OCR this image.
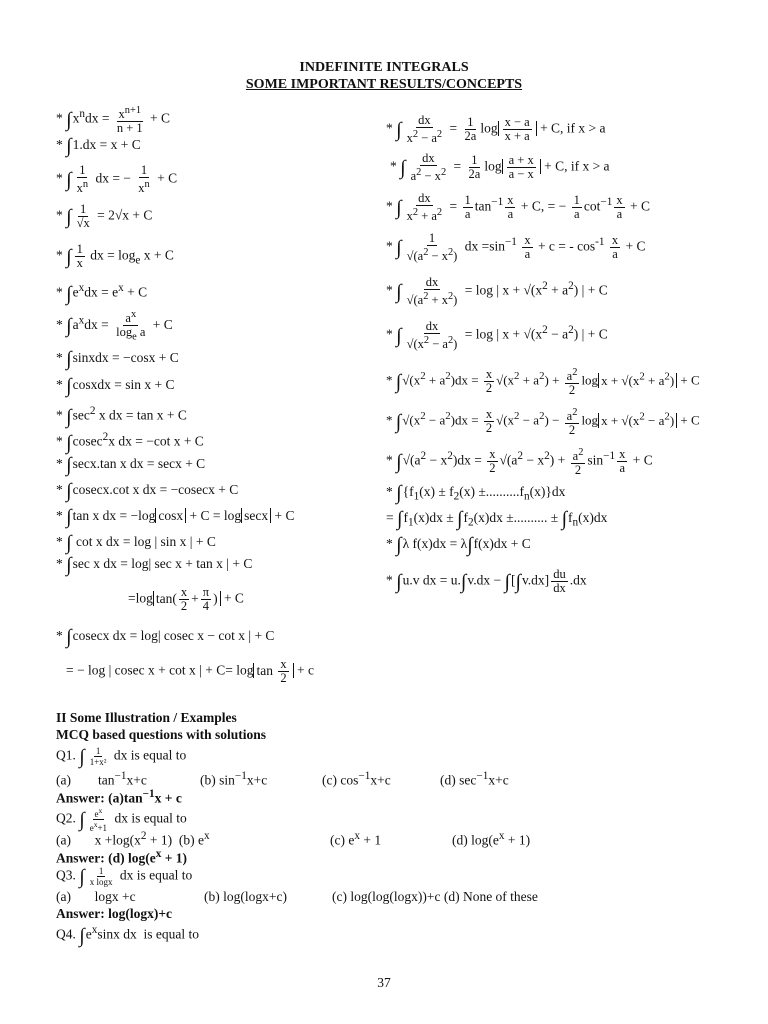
INDEFINITE INTEGRALS
SOME IMPORTANT RESULTS/CONCEPTS
* $\int x^ndx = \frac{x^{n+1}}{n + 1} + C$
* ∫1.dx = x + C
* ∫ $\frac{1}{x^n}$ dx = − $\frac{1}{x^n} + C$
* ∫ $\frac{1}{√x} = 2√x + C$
* ∫ $\frac{1}{x}$ dx = $\log_e x + C$
* $\int e^xdx = e^x + C$
* $\int a^xdx = \frac{a^x}{\log_e a} + C$
* ∫sinxdx = −cosx + C
* ∫cosxdx = sin x + C
* $\int\sec^2$ x dx = tan x + C
* ∫cosec$^2$x dx = −cot x + C
* ∫secx.tan x dx = secx + C
* ∫cosecx.cot x dx = −cosecx + C
* ∫tan x dx = −log cosx + C = log secx + C
* ∫ cot x dx = log | sin x | + C
* ∫sec x dx = log| sec x + tan x | + C
=log $\tan( \frac{x}{2} + \frac{\pi}{4}$ ) + C
* ∫cosecx dx = log| cosec x − cot x | + C
= − log | cosec x + cot x | + $C= \log \tan \frac{x}{2} + c$
* ∫ $\frac{dx}{x^2 - a^2} = \frac{1}{2a}$ $\log \frac{x - a}{x + a} + C$, if x > a
* ∫ $\frac{dx}{a^2 - x^2} = \frac{1}{2a}$ $\log \frac{a + x}{a - x} + C$, if x > a
* ∫ $\frac{dx}{x^2 + a^2} = \frac{1}{a} \tan^{-1} \frac{x}{a} + C$, = − $\frac{1}{a} \cot^{-1} \frac{x}{a} + C$
* ∫ $\frac{1}{√(a^2 - x^2)}$ dx $=\sin^{-1} \frac{x}{a} + c$ = - $\cos^{-1} \frac{x}{a} + C$
* ∫ $\frac{dx}{√(a^2 + x^2)} = \log$ | $x + √(x^2 + a^2)$ | + C
* ∫ $\frac{dx}{√(x^2 - a^2)} = \log$ | $x + √(x^2 - a^2)$ | + C
* $\int√(x^2 + a^2)dx = \frac{x}{2} √(x^2 + a^2) + \frac{a^2}{2}$ $\log x + √(x^2 + a^2) + C$
* $\int√(x^2 - a^2)dx = \frac{x}{2} √(x^2 - a^2) - \frac{a^2}{2}$ $\log x + √(x^2 - a^2) + C$
* $\int√(a^2 - x^2)dx = \frac{x}{2} √(a^2 - x^2) + \frac{a^2}{2} \sin^{-1} \frac{x}{a} + C$
* $\int\{f_1(x) \pm f_2(x) \pm..........f_n(x)\}dx$
= $\int f_1(x)dx \pm \int f_2(x)dx$ ±.......... ± $\int f_n(x)dx$
* ∫λ f(x)dx = λ∫f(x)dx + C
* ∫u.v dx = $u.\int v.dx - \int[\int v.dx] \frac{du}{dx} .dx$
II Some Illustration / Examples
MCQ based questions with solutions
Q1. ∫ $\frac{1}{\text{1+x²}}$ dx is equal to
(a)        $\tan^{-1}x+c$	(b) $\sin^{-1}x+c$	(c) $\cos^{-1}x+c$	(d) $\sec^{-1}x+c$
Answer: $(a)\tan^{-1}x + c$
Q2. ∫ $\frac{e^x}{e^x+1}$ dx is equal to
(a)       $x +\log(x^2 + 1)$  (b) $e^x$	(c) $e^x + 1$	(d) $\log(e^x + 1)$
Answer: (d) $\log(e^x + 1)$
Q3. ∫ $\frac{1}{\text{x logx}}$ dx is equal to
(a)       logx +c	(b) log(logx+c)	(c) log(log(logx))+c (d) None of these
Answer: log(logx)+c
Q4. $\int e^x\sin x$ dx  is equal to
37
